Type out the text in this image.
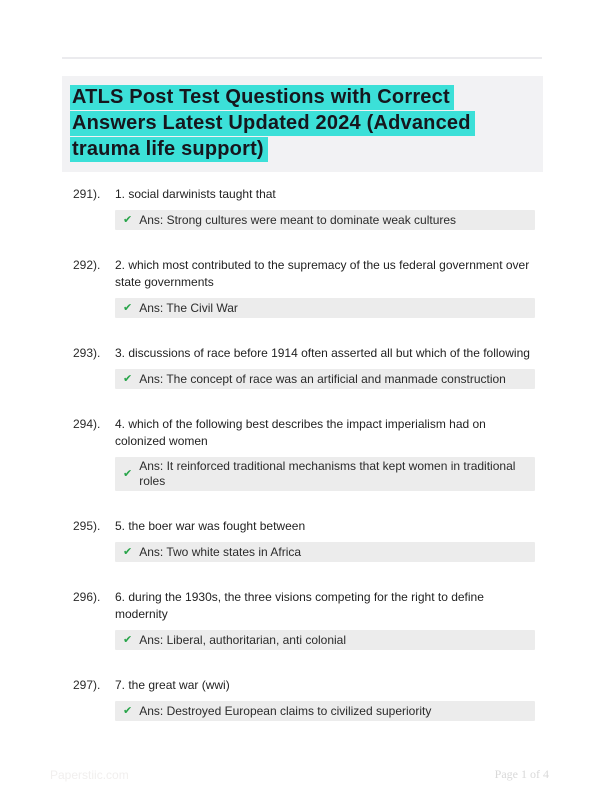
ATLS Post Test Questions with Correct Answers Latest Updated 2024 (Advanced trauma life support)
291).	1. social darwinists taught that

✔ Ans: Strong cultures were meant to dominate weak cultures
292).	2. which most contributed to the supremacy of the us federal government over state governments

✔ Ans: The Civil War
293).	3. discussions of race before 1914 often asserted all but which of the following

✔ Ans: The concept of race was an artificial and manmade construction
294).	4. which of the following best describes the impact imperialism had on colonized women

✔
Ans: It reinforced traditional mechanisms that kept women in traditional roles
295).	5. the boer war was fought between

✔ Ans: Two white states in Africa
296).	6. during the 1930s, the three visions competing for the right to define modernity

✔ Ans: Liberal, authoritarian, anti colonial
297).	7. the great war (wwi)

✔ Ans: Destroyed European claims to civilized superiority
Paperstiic.com	Page 1 of 4
